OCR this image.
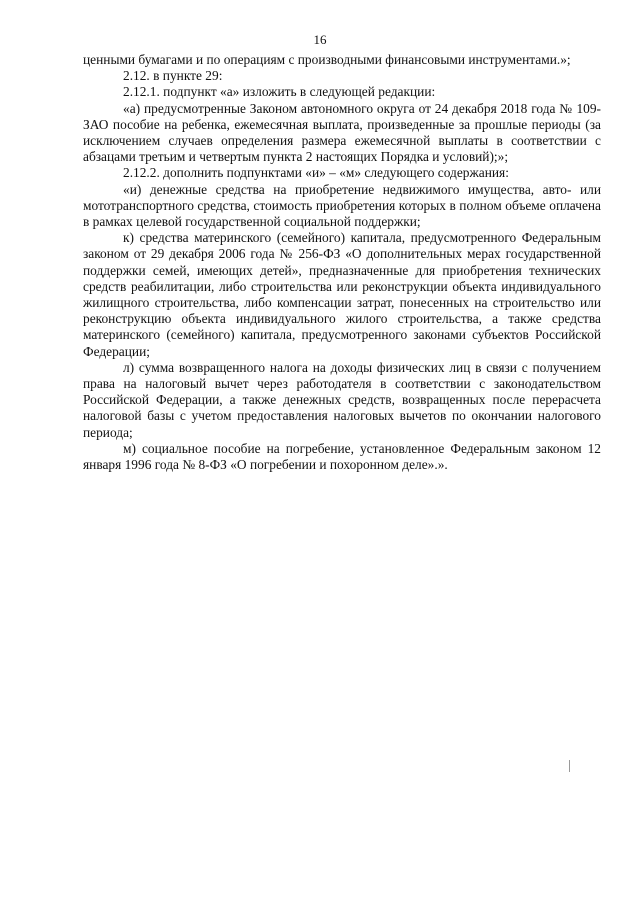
16

ценными бумагами и по операциям с производными финансовыми инструментами.»;

2.12. в пункте 29:

2.12.1. подпункт «а» изложить в следующей редакции:

«а) предусмотренные Законом автономного округа от 24 декабря 2018 года № 109-ЗАО пособие на ребенка, ежемесячная выплата, произведенные за прошлые периоды (за исключением случаев определения размера ежемесячной выплаты в соответствии с абзацами третьим и четвертым пункта 2 настоящих Порядка и условий);»;

2.12.2. дополнить подпунктами «и» – «м» следующего содержания:

«и) денежные средства на приобретение недвижимого имущества, авто- или мототранспортного средства, стоимость приобретения которых в полном объеме оплачена в рамках целевой государственной социальной поддержки;

к) средства материнского (семейного) капитала, предусмотренного Федеральным законом от 29 декабря 2006 года № 256-ФЗ «О дополнительных мерах государственной поддержки семей, имеющих детей», предназначенные для приобретения технических средств реабилитации, либо строительства или реконструкции объекта индивидуального жилищного строительства, либо компенсации затрат, понесенных на строительство или реконструкцию объекта индивидуального жилого строительства, а также средства материнского (семейного) капитала, предусмотренного законами субъектов Российской Федерации;

л) сумма возвращенного налога на доходы физических лиц в связи с получением права на налоговый вычет через работодателя в соответствии с законодательством Российской Федерации, а также денежных средств, возвращенных после перерасчета налоговой базы с учетом предоставления налоговых вычетов по окончании налогового периода;

м) социальное пособие на погребение, установленное Федеральным законом 12 января 1996 года № 8-ФЗ «О погребении и похоронном деле».».
